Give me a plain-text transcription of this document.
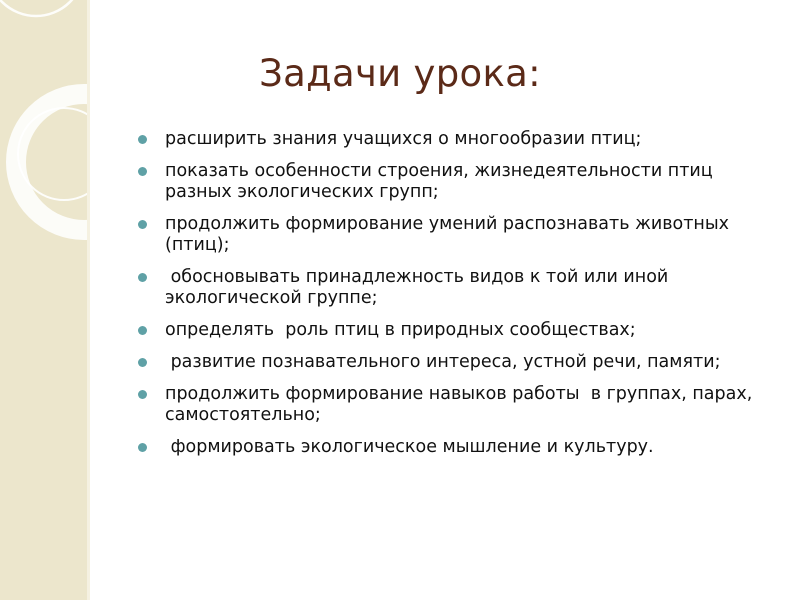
Задачи урока:
расширить знания учащихся о многообразии птиц;
показать особенности строения, жизнедеятельности птиц разных экологических групп;
продолжить формирование умений распознавать животных (птиц);
обосновывать принадлежность видов к той или иной экологической группе;
определять  роль птиц в природных сообществах;
развитие познавательного интереса, устной речи, памяти;
продолжить формирование навыков работы  в группах, парах, самостоятельно;
формировать экологическое мышление и культуру.
